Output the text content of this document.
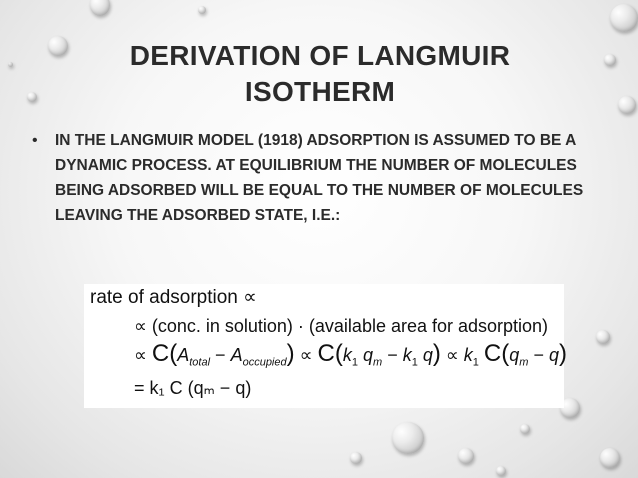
DERIVATION OF LANGMUIR
ISOTHERM
• IN THE LANGMUIR MODEL (1918) ADSORPTION IS ASSUMED TO BE A DYNAMIC PROCESS. AT EQUILIBRIUM THE NUMBER OF MOLECULES BEING ADSORBED WILL BE EQUAL TO THE NUMBER OF MOLECULES LEAVING THE ADSORBED STATE, I.E.:
rate of adsorption ∝
∝ (conc. in solution) · (available area for adsorption)
∝ $C(A_{total} - A_{occupied}) \propto C(k_1$ $q_m - k_1$ $q) \propto k_1$ $C(q_m - q)$
= k₁ C (qₘ − q)
